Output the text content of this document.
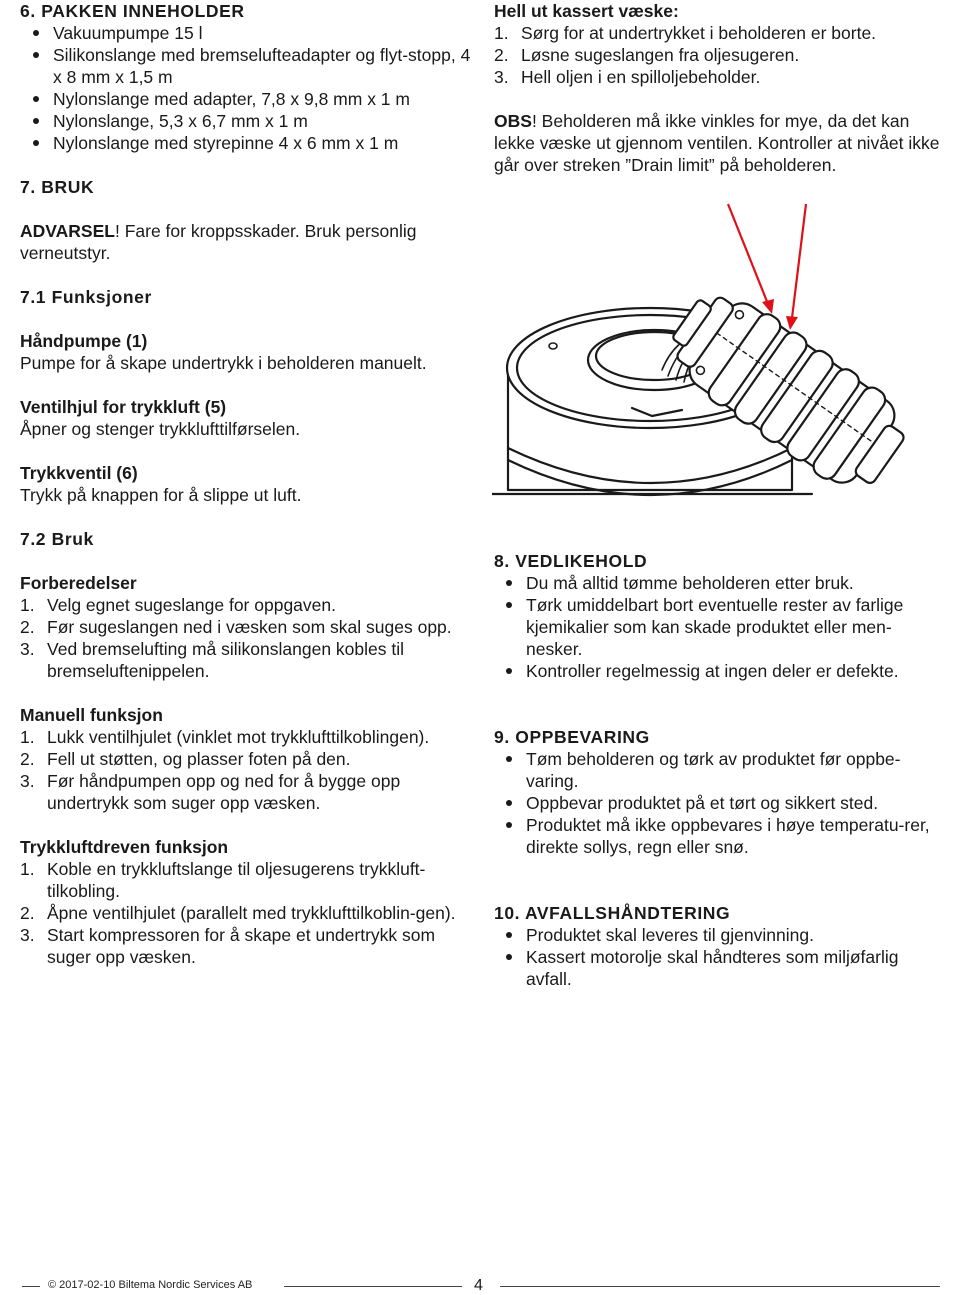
6. PAKKEN INNEHOLDER
Vakuumpumpe 15 l
Silikonslange med bremselufteadapter og flyt-stopp, 4 x 8 mm x 1,5 m
Nylonslange med adapter, 7,8 x 9,8 mm x 1 m
Nylonslange, 5,3 x 6,7 mm x 1 m
Nylonslange med styrepinne 4 x 6 mm x 1 m
7. BRUK

ADVARSEL! Fare for kroppsskader. Bruk personlig verneutstyr.

7.1 Funksjoner
Håndpumpe (1)

Pumpe for å skape undertrykk i beholderen manuelt.

Ventilhjul for trykkluft (5)

Åpner og stenger trykklufttilførselen.

Trykkventil (6)

Trykk på knappen for å slippe ut luft.

7.2 Bruk
Forberedelser
1. Velg egnet sugeslange for oppgaven.
2. Før sugeslangen ned i væsken som skal suges opp.
3. Ved bremselufting må silikonslangen kobles til bremseluftenippelen.
Manuell funksjon
1. Lukk ventilhjulet (vinklet mot trykklufttilkoblingen).
2. Fell ut støtten, og plasser foten på den.
3. Før håndpumpen opp og ned for å bygge opp undertrykk som suger opp væsken.
Trykkluftdreven funksjon
1. Koble en trykkluftslange til oljesugerens trykkluft-tilkobling.
2. Åpne ventilhjulet (parallelt med trykklufttilkoblin-gen).
3. Start kompressoren for å skape et undertrykk som suger opp væsken.
Hell ut kassert væske:
1. Sørg for at undertrykket i beholderen er borte.
2. Løsne sugeslangen fra oljesugeren.
3. Hell oljen i en spilloljebeholder.

OBS! Beholderen må ikke vinkles for mye, da det kan lekke væske ut gjennom ventilen. Kontroller at nivået ikke går over streken ”Drain limit” på beholderen.

8. VEDLIKEHOLD
Du må alltid tømme beholderen etter bruk.
Tørk umiddelbart bort eventuelle rester av farlige kjemikalier som kan skade produktet eller men-nesker.
Kontroller regelmessig at ingen deler er defekte.
9. OPPBEVARING
Tøm beholderen og tørk av produktet før oppbe-varing.
Oppbevar produktet på et tørt og sikkert sted.
Produktet må ikke oppbevares i høye temperatu-rer, direkte sollys, regn eller snø.
10. AVFALLSHÅNDTERING
Produktet skal leveres til gjenvinning.
Kassert motorolje skal håndteres som miljøfarlig avfall.
© 2017-02-10 Biltema Nordic Services AB	4
